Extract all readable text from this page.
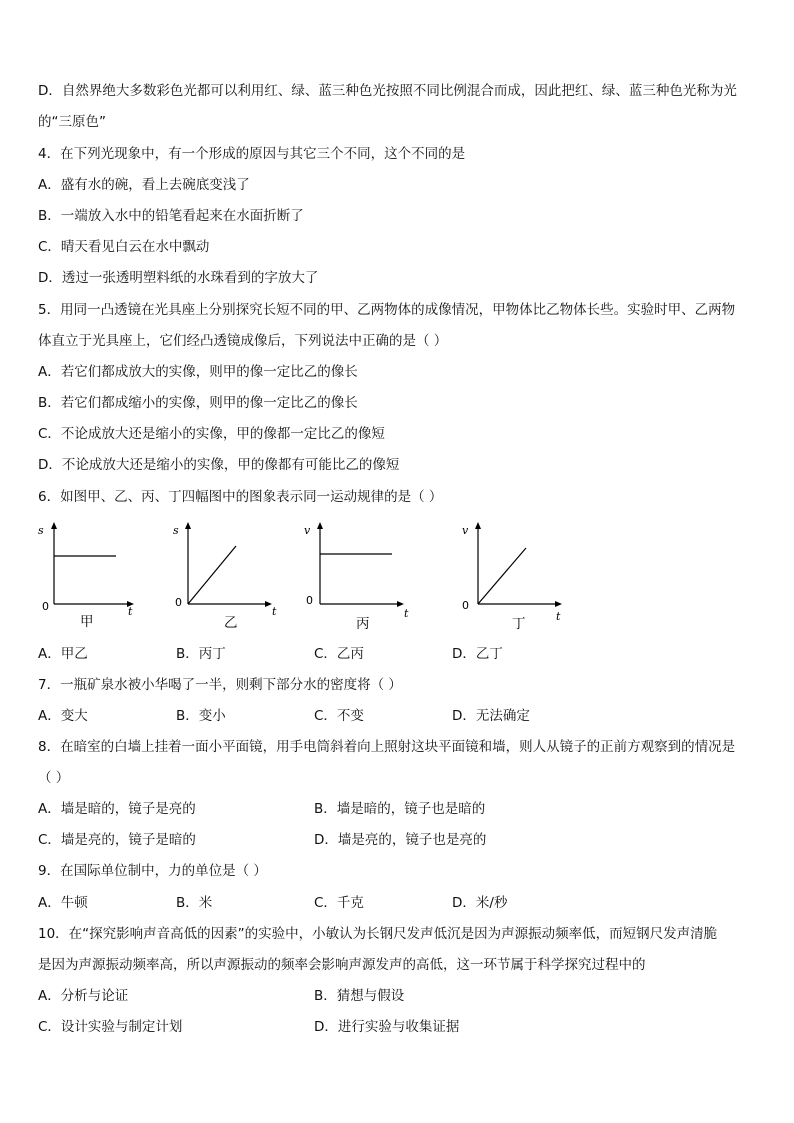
D．自然界绝大多数彩色光都可以利用红、绿、蓝三种色光按照不同比例混合而成，因此把红、绿、蓝三种色光称为光
的“三原色”
4．在下列光现象中，有一个形成的原因与其它三个不同，这个不同的是
A．盛有水的碗，看上去碗底变浅了
B．一端放入水中的铅笔看起来在水面折断了
C．晴天看见白云在水中飘动
D．透过一张透明塑料纸的水珠看到的字放大了
5．用同一凸透镜在光具座上分别探究长短不同的甲、乙两物体的成像情况，甲物体比乙物体长些。实验时甲、乙两物
体直立于光具座上，它们经凸透镜成像后，下列说法中正确的是（ ）
A．若它们都成放大的实像，则甲的像一定比乙的像长
B．若它们都成缩小的实像，则甲的像一定比乙的像长
C．不论成放大还是缩小的实像，甲的像都一定比乙的像短
D．不论成放大还是缩小的实像，甲的像都有可能比乙的像短
6．如图甲、乙、丙、丁四幅图中的图象表示同一运动规律的是（ ）
s
t
0
甲
s
t
0
乙
v
t
0
丙
v
t
0
丁
A．甲乙	B．丙丁	C．乙丙	D．乙丁
7．一瓶矿泉水被小华喝了一半，则剩下部分水的密度将（ ）
A．变大	B．变小	C．不变	D．无法确定
8．在暗室的白墙上挂着一面小平面镜，用手电筒斜着向上照射这块平面镜和墙，则人从镜子的正前方观察到的情况是
（ ）
A．墙是暗的，镜子是亮的	B．墙是暗的，镜子也是暗的
C．墙是亮的，镜子是暗的	D．墙是亮的，镜子也是亮的
9．在国际单位制中，力的单位是（ ）
A．牛顿	B．米	C．千克	D．米/秒
10．在“探究影响声音高低的因素”的实验中，小敏认为长钢尺发声低沉是因为声源振动频率低，而短钢尺发声清脆
是因为声源振动频率高，所以声源振动的频率会影响声源发声的高低，这一环节属于科学探究过程中的
A．分析与论证	B．猜想与假设
C．设计实验与制定计划	D．进行实验与收集证据
